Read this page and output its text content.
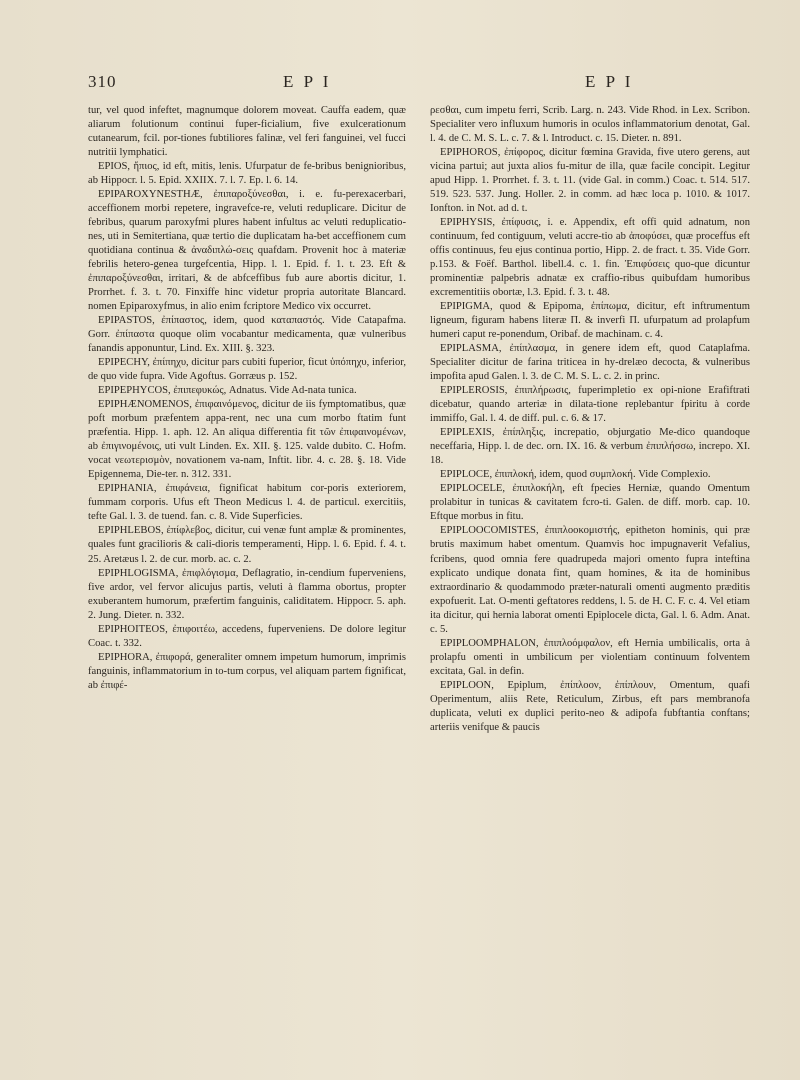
310	E P I	E P I

tur, vel quod infeftet, magnumque dolorem moveat. Cauffa eadem, quæ aliarum folutionum continui fuper-ficialium, five exulcerationum cutanearum, fcil. por-tiones fubtiliores falinæ, vel feri fanguinei, vel fucci nutritii lymphatici.

EPIOS, ἤπιος, id eft, mitis, lenis. Ufurpatur de fe-bribus benignioribus, ab Hippocr. l. 5. Epid. XXIIX. 7. l. 7. Ep. l. 6. 14.

EPIPAROXYNESTHÆ, ἐπιπαροξύνεσθαι, i. e. fu-perexacerbari, acceffionem morbi repetere, ingravefce-re, veluti reduplicare. Dicitur de febribus, quarum paroxyfmi plures habent infultus ac veluti reduplicatio-nes, uti in Semitertiana, quæ tertio die duplicatam ha-bet acceffionem cum quotidiana continua & ἀναδιπλώ-σεις quafdam. Provenit hoc à materiæ febrilis hetero-genea turgefcentia, Hipp. l. 1. Epid. f. 1. t. 23. Eft & ἐπιπαροξύνεσθαι, irritari, & de abfceffibus fub aure abortis dicitur, 1. Prorrhet. f. 3. t. 70. Finxiffe hinc videtur propria autoritate Blancard. nomen Epiparoxyfmus, in alio enim fcriptore Medico vix occurret.

EPIPASTOS, ἐπίπαστος, idem, quod καταπαστός. Vide Catapafma. Gorr. ἐπίπαστα quoque olim vocabantur medicamenta, quæ vulneribus fanandis apponuntur, Lind. Ex. XIII. §. 323.

EPIPECHY, ἐπίπηχυ, dicitur pars cubiti fuperior, ficut ὑπόπηχυ, inferior, de quo vide fupra. Vide Agoftus. Gorræus p. 152.

EPIPEPHYCOS, ἐπιπεφυκώς, Adnatus. Vide Ad-nata tunica.

EPIPHÆNOMENOS, ἐπιφαινόμενος, dicitur de iis fymptomatibus, quæ poft morbum præfentem appa-rent, nec una cum morbo ftatim funt præfentia. Hipp. 1. aph. 12. An aliqua differentia fit τῶν ἐπιφαινομένων, ab ἐπιγινομένοις, uti vult Linden. Ex. XII. §. 125. valde dubito. C. Hofm. vocat νεωτερισμὸν, novationem va-nam, Inftit. libr. 4. c. 28. §. 18. Vide Epigennema, Die-ter. n. 312. 331.

EPIPHANIA, ἐπιφάνεια, fignificat habitum cor-poris exteriorem, fummam corporis. Ufus eft Theon Medicus l. 4. de particul. exercitiis, tefte Gal. l. 3. de tuend. fan. c. 8. Vide Superficies.

EPIPHLEBOS, ἐπίφλεβος, dicitur, cui venæ funt amplæ & prominentes, quales funt gracilioris & cali-dioris temperamenti, Hipp. l. 6. Epid. f. 4. t. 25. Aretæus l. 2. de cur. morb. ac. c. 2.

EPIPHLOGISMA, ἐπιφλόγισμα, Deflagratio, in-cendium fuperveniens, five ardor, vel fervor alicujus partis, veluti à flamma obortus, propter exuberantem humorum, præfertim fanguinis, caliditatem. Hippocr. 5. aph. 2. Jung. Dieter. n. 332.

EPIPHOITEOS, ἐπιφοιτέω, accedens, fuperveniens. De dolore legitur Coac. t. 332.

EPIPHORA, ἐπιφορά, generaliter omnem impetum humorum, imprimis fanguinis, inflammatorium in to-tum corpus, vel aliquam partem fignificat, ab ἐπιφέ-

ρεσθαι, cum impetu ferri, Scrib. Larg. n. 243. Vide Rhod. in Lex. Scribon. Specialiter vero influxum humoris in oculos inflammatorium denotat, Gal. l. 4. de C. M. S. L. c. 7. & l. Introduct. c. 15. Dieter. n. 891.

EPIPHOROS, ἐπίφορος, dicitur fœmina Gravida, five utero gerens, aut vicina partui; aut juxta alios fu-mitur de illa, quæ facile concipit. Legitur apud Hipp. 1. Prorrhet. f. 3. t. 11. (vide Gal. in comm.) Coac. t. 514. 517. 519. 523. 537. Jung. Holler. 2. in comm. ad hæc loca p. 1010. & 1017. Ionfton. in Not. ad d. t.

EPIPHYSIS, ἐπίφυσις, i. e. Appendix, eft offi quid adnatum, non continuum, fed contiguum, veluti accre-tio ab ἀποφύσει, quæ proceffus eft offis continuus, feu ejus continua portio, Hipp. 2. de fract. t. 35. Vide Gorr. p.153. & Foëf. Barthol. libell.4. c. 1. fin. Ἐπιφύσεις quo-que dicuntur prominentiæ palpebris adnatæ ex craffio-ribus quibufdam humoribus excrementitiis obortæ, l.3. Epid. f. 3. t. 48.

EPIPIGMA, quod & Epipoma, ἐπίπωμα, dicitur, eft inftrumentum ligneum, figuram habens literæ Π. & inverfi Π. ufurpatum ad prolapfum humeri caput re-ponendum, Oribaf. de machinam. c. 4.

EPIPLASMA, ἐπίπλασμα, in genere idem eft, quod Cataplafma. Specialiter dicitur de farina triticea in hy-drelæo decocta, & vulneribus impofita apud Galen. l. 3. de C. M. S. L. c. 2. in princ.

EPIPLEROSIS, ἐπιπλήρωσις, fuperimpletio ex opi-nione Erafiftrati dicebatur, quando arteriæ in dilata-tione replebantur fpiritu à corde immiffo, Gal. l. 4. de diff. pul. c. 6. & 17.

EPIPLEXIS, ἐπίπληξις, increpatio, objurgatio Me-dico quandoque neceffaria, Hipp. l. de dec. orn. IX. 16. & verbum ἐπιπλήσσω, increpo. XI. 18.

EPIPLOCE, ἐπιπλοκή, idem, quod συμπλοκή. Vide Complexio.

EPIPLOCELE, ἐπιπλοκήλη, eft fpecies Herniæ, quando Omentum prolabitur in tunicas & cavitatem fcro-ti. Galen. de diff. morb. cap. 10. Eftque morbus in fitu.

EPIPLOOCOMISTES, ἐπιπλοοκομιστής, epitheton hominis, qui præ brutis maximum habet omentum. Quamvis hoc impugnaverit Vefalius, fcribens, quod omnia fere quadrupeda majori omento fupra inteftina explicato undique donata fint, quam homines, & ita de hominibus extraordinario & quodammodo præter-naturali omenti augmento præditis expofuerit. Lat. O-menti geftatores reddens, l. 5. de H. C. F. c. 4. Vel etiam ita dicitur, qui hernia laborat omenti Epiplocele dicta, Gal. l. 6. Adm. Anat. c. 5.

EPIPLOOMPHALON, ἐπιπλοόμφαλον, eft Hernia umbilicalis, orta à prolapfu omenti in umbilicum per violentiam continuum folventem excitata, Gal. in defin.

EPIPLOON, Epiplum, ἐπίπλοον, ἐπίπλουν, Omentum, quafi Operimentum, aliis Rete, Reticulum, Zirbus, eft pars membranofa duplicata, veluti ex duplici perito-neo & adipofa fubftantia conftans; arteriis venifque & paucis
